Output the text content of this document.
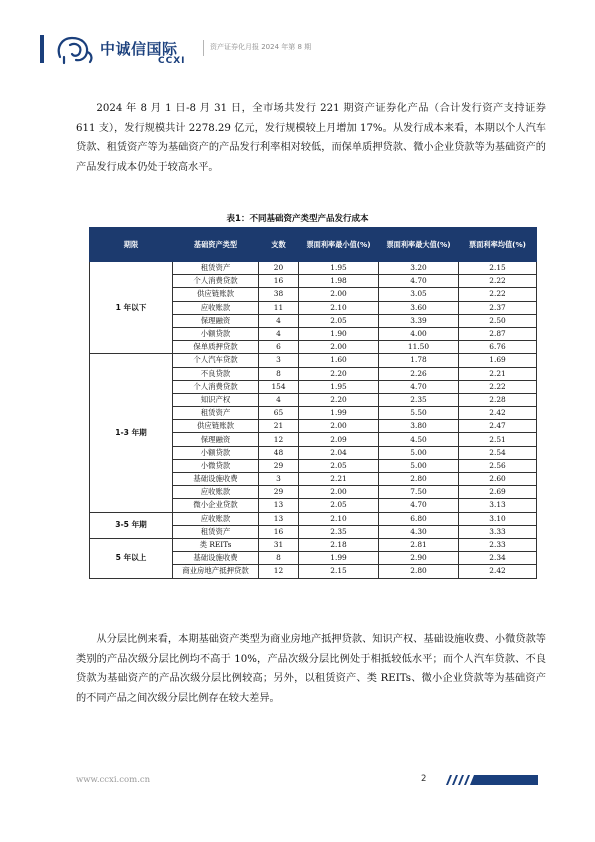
中诚信国际
CCXI
资产证券化月报 2024 年第 8 期

2024 年 8 月 1 日-8 月 31 日，全市场共发行 221 期资产证券化产品（合计发行资产支持证券 611 支），发行规模共计 2278.29 亿元，发行规模较上月增加 17%。从发行成本来看，本期以个人汽车贷款、租赁资产等为基础资产的产品发行利率相对较低，而保单质押贷款、微小企业贷款等为基础资产的产品发行成本仍处于较高水平。

表1：不同基础资产类型产品发行成本
期限	基础资产类型	支数	票面利率最小值(%)	票面利率最大值(%)	票面利率均值(%)
1 年以下	租赁资产	20	1.95	3.20	2.15
	个人消费贷款	16	1.98	4.70	2.22
	供应链账款	38	2.00	3.05	2.22
	应收账款	11	2.10	3.60	2.37
	保理融资	4	2.05	3.39	2.50
	小额贷款	4	1.90	4.00	2.87
	保单质押贷款	6	2.00	11.50	6.76
1-3 年期	个人汽车贷款	3	1.60	1.78	1.69
	不良贷款	8	2.20	2.26	2.21
	个人消费贷款	154	1.95	4.70	2.22
	知识产权	4	2.20	2.35	2.28
	租赁资产	65	1.99	5.50	2.42
	供应链账款	21	2.00	3.80	2.47
	保理融资	12	2.09	4.50	2.51
	小额贷款	48	2.04	5.00	2.54
	小微贷款	29	2.05	5.00	2.56
	基础设施收费	3	2.21	2.80	2.60
	应收账款	29	2.00	7.50	2.69
	微小企业贷款	13	2.05	4.70	3.13
3-5 年期	应收账款	13	2.10	6.80	3.10
	租赁资产	16	2.35	4.30	3.33
5 年以上	类 REITs	31	2.18	2.81	2.33
	基础设施收费	8	1.99	2.90	2.34
	商业房地产抵押贷款	12	2.15	2.80	2.42

从分层比例来看，本期基础资产类型为商业房地产抵押贷款、知识产权、基础设施收费、小微贷款等类别的产品次级分层比例均不高于 10%，产品次级分层比例处于相抵较低水平；而个人汽车贷款、不良贷款为基础资产的产品次级分层比例较高；另外，以租赁资产、类 REITs、微小企业贷款等为基础资产的不同产品之间次级分层比例存在较大差异。

www.ccxi.com.cn	2
